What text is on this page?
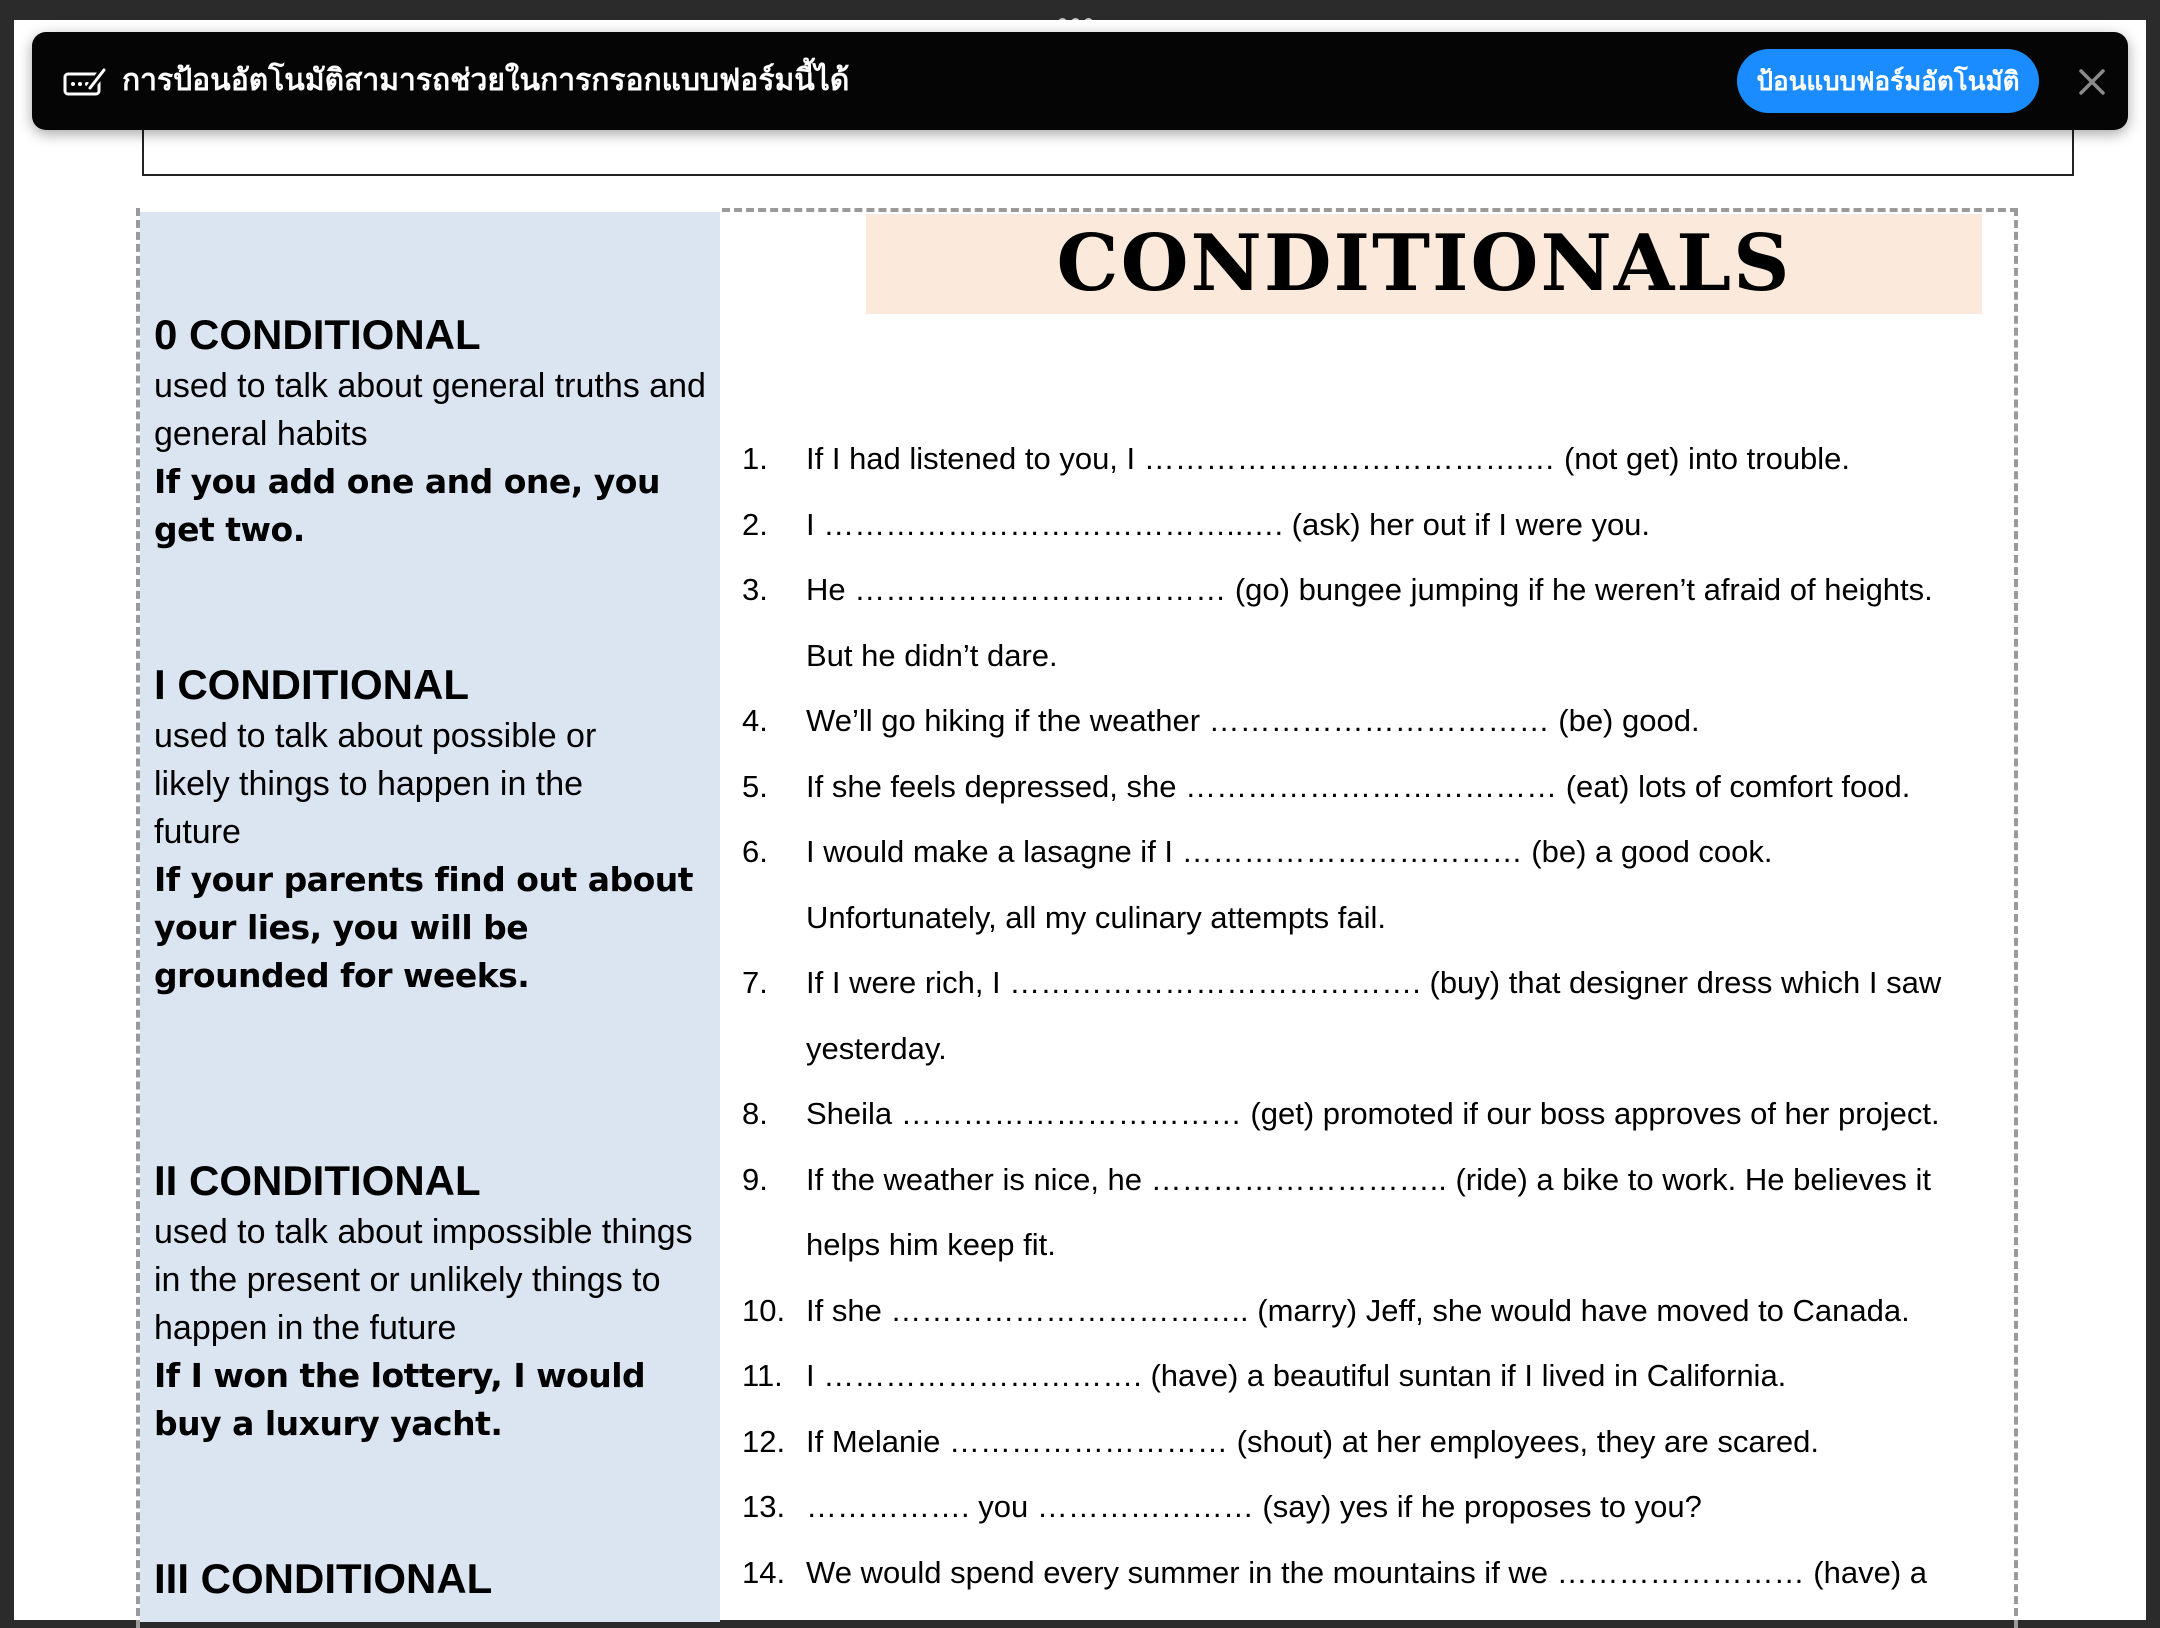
0 CONDITIONAL
used to talk about general truths and general habits
If you add one and one, you get two.
I CONDITIONAL
used to talk about possible or likely things to happen in the future
If your parents find out about your lies, you will be grounded for weeks.
II CONDITIONAL
used to talk about impossible things in the present or unlikely things to happen in the future
If I won the lottery, I would buy a luxury yacht.
III CONDITIONAL
CONDITIONALS
1. If I had listened to you, I ……………………………….… (not get) into trouble.
2. I …………………………………..…. (ask) her out if I were you.
3. He ……………………………… (go) bungee jumping if he weren’t afraid of heights.
But he didn’t dare.
4. We’ll go hiking if the weather …………………………… (be) good.
5. If she feels depressed, she ……………………………… (eat) lots of comfort food.
6. I would make a lasagne if I …………………………… (be) a good cook.
Unfortunately, all my culinary attempts fail.
7. If I were rich, I …………………………………. (buy) that designer dress which I saw
yesterday.
8. Sheila …………………………… (get) promoted if our boss approves of her project.
9. If the weather is nice, he ……………………….. (ride) a bike to work. He believes it
helps him keep fit.
10. If she …………………………….. (marry) Jeff, she would have moved to Canada.
11. I …………………………. (have) a beautiful suntan if I lived in California.
12. If Melanie ……………………… (shout) at her employees, they are scared.
13. ……………. you ………………… (say) yes if he proposes to you?
14. We would spend every summer in the mountains if we …………………… (have) a
การป้อนอัตโนมัติสามารถช่วยในการกรอกแบบฟอร์มนี้ได้	ป้อนแบบฟอร์มอัตโนมัติ
